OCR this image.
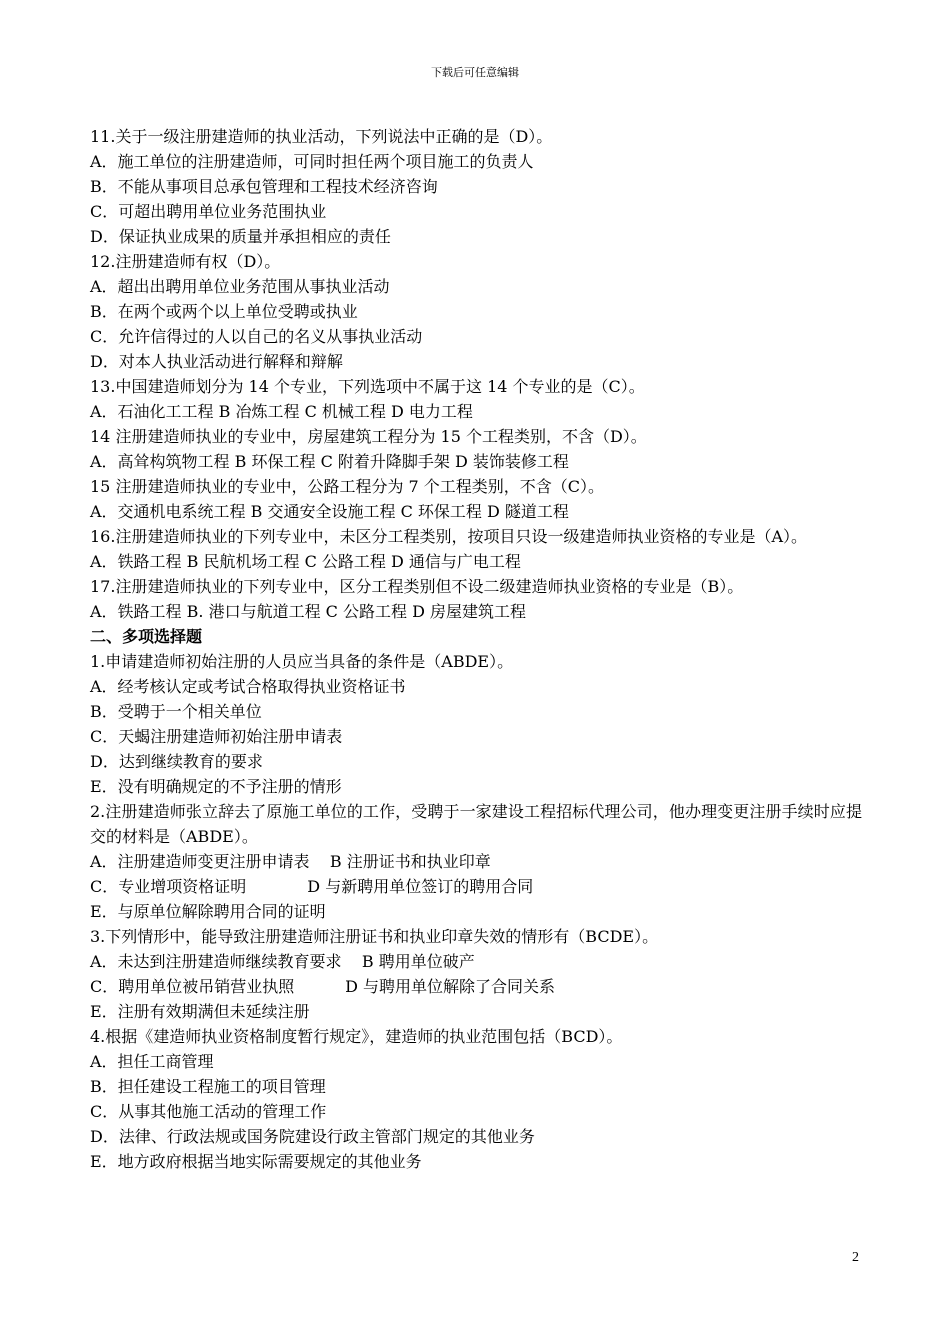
下载后可任意编辑
11.关于一级注册建造师的执业活动，下列说法中正确的是（D）。
A．施工单位的注册建造师，可同时担任两个项目施工的负责人
B．不能从事项目总承包管理和工程技术经济咨询
C．可超出聘用单位业务范围执业
D．保证执业成果的质量并承担相应的责任
12.注册建造师有权（D）。
A．超出出聘用单位业务范围从事执业活动
B．在两个或两个以上单位受聘或执业
C．允许信得过的人以自己的名义从事执业活动
D．对本人执业活动进行解释和辩解
13.中国建造师划分为 14 个专业，下列选项中不属于这 14 个专业的是（C）。
A．石油化工工程 B 冶炼工程 C 机械工程 D 电力工程
14 注册建造师执业的专业中，房屋建筑工程分为 15 个工程类别，不含（D）。
A．高耸构筑物工程 B 环保工程 C 附着升降脚手架 D 装饰装修工程
15 注册建造师执业的专业中，公路工程分为 7 个工程类别，不含（C）。
A．交通机电系统工程 B 交通安全设施工程 C 环保工程 D 隧道工程
16.注册建造师执业的下列专业中，未区分工程类别，按项目只设一级建造师执业资格的专业是（A）。
A．铁路工程 B 民航机场工程 C 公路工程 D 通信与广电工程
17.注册建造师执业的下列专业中，区分工程类别但不设二级建造师执业资格的专业是（B）。
A．铁路工程 B. 港口与航道工程 C 公路工程 D 房屋建筑工程
二、多项选择题
1.申请建造师初始注册的人员应当具备的条件是（ABDE）。
A．经考核认定或考试合格取得执业资格证书
B．受聘于一个相关单位
C．天蝎注册建造师初始注册申请表
D．达到继续教育的要求
E．没有明确规定的不予注册的情形
2.注册建造师张立辞去了原施工单位的工作，受聘于一家建设工程招标代理公司，他办理变更注册手续时应提交的材料是（ABDE）。
A．注册建造师变更注册申请表    B 注册证书和执业印章
C．专业增项资格证明            D 与新聘用单位签订的聘用合同
E．与原单位解除聘用合同的证明
3.下列情形中，能导致注册建造师注册证书和执业印章失效的情形有（BCDE）。
A．未达到注册建造师继续教育要求    B 聘用单位破产
C．聘用单位被吊销营业执照          D 与聘用单位解除了合同关系
E．注册有效期满但未延续注册
4.根据《建造师执业资格制度暂行规定》，建造师的执业范围包括（BCD）。
A．担任工商管理
B．担任建设工程施工的项目管理
C．从事其他施工活动的管理工作
D．法律、行政法规或国务院建设行政主管部门规定的其他业务
E．地方政府根据当地实际需要规定的其他业务
2
